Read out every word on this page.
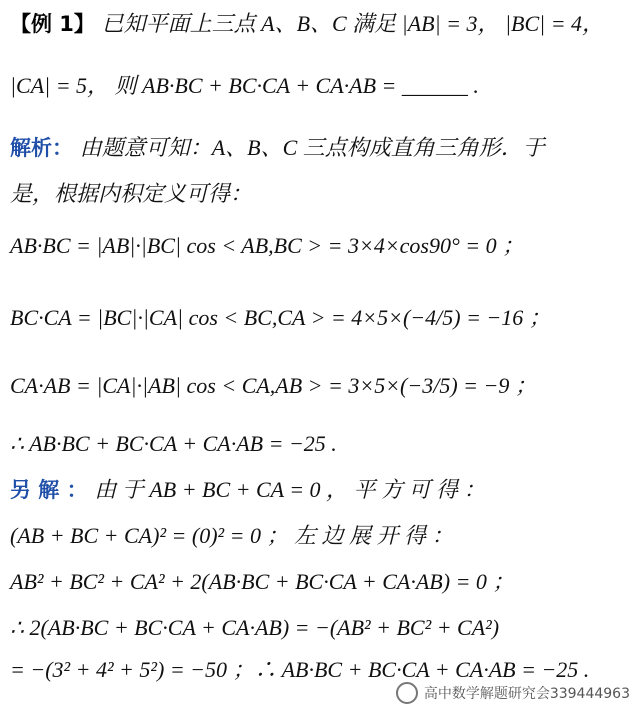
【例 1】 已知平面上三点 A、B、C 满足 |AB| = 3， |BC| = 4，
|CA| = 5， 则 AB·BC + BC·CA + CA·AB = ______ .
解析： 由题意可知：A、B、C 三点构成直角三角形．于
是，根据内积定义可得：
AB·BC = |AB|·|BC| cos < AB,BC > = 3×4×cos90° = 0 ；
BC·CA = |BC|·|CA| cos < BC,CA > = 4×5×(−4/5) = −16 ；
CA·AB = |CA|·|AB| cos < CA,AB > = 3×5×(−3/5) = −9 ；
∴ AB·BC + BC·CA + CA·AB = −25 .
另 解 ： 由 于 AB + BC + CA = 0 ， 平 方 可 得 ：
(AB + BC + CA)² = (0)² = 0 ； 左 边 展 开 得 ：
AB² + BC² + CA² + 2(AB·BC + BC·CA + CA·AB) = 0 ；
∴ 2(AB·BC + BC·CA + CA·AB) = −(AB² + BC² + CA²)
= −(3² + 4² + 5²) = −50 ；∴ AB·BC + BC·CA + CA·AB = −25 .
高中数学解题研究会339444963
